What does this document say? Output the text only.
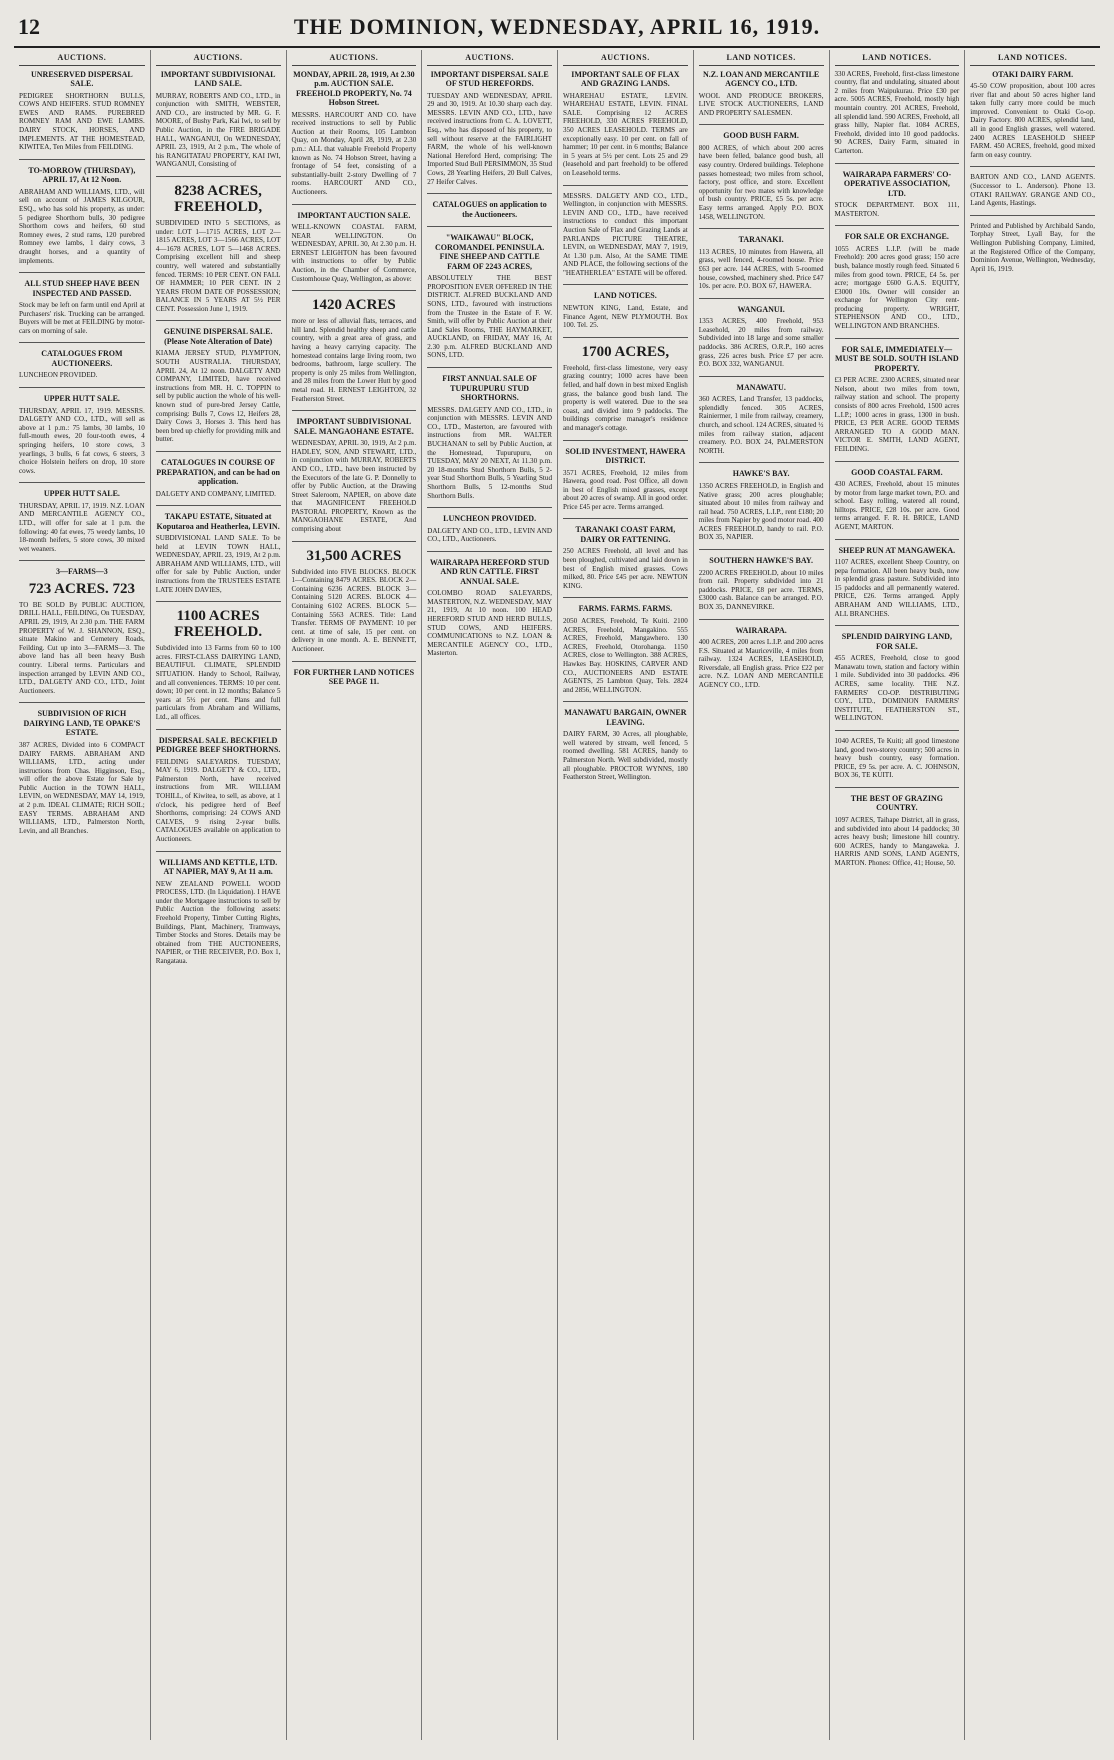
12	THE DOMINION, WEDNESDAY, APRIL 16, 1919.
AUCTIONS.
UNRESERVED DISPERSAL SALE.

PEDIGREE SHORTHORN BULLS, COWS AND HEIFERS. STUD ROMNEY EWES AND RAMS. PUREBRED ROMNEY RAM AND EWE LAMBS. DAIRY STOCK, HORSES, AND IMPLEMENTS. AT THE HOMESTEAD, KIWITEA, Ten Miles from FEILDING.

TO-MORROW (THURSDAY), APRIL 17, At 12 Noon.

ABRAHAM AND WILLIAMS, LTD., will sell on account of JAMES KILGOUR, ESQ., who has sold his property, as under: 5 pedigree Shorthorn bulls, 30 pedigree Shorthorn cows and heifers, 60 stud Romney ewes, 2 stud rams, 120 purebred Romney ewe lambs, 1 dairy cows, 3 draught horses, and a quantity of implements.

ALL STUD SHEEP HAVE BEEN INSPECTED AND PASSED.

Stock may be left on farm until end April at Purchasers' risk. Trucking can be arranged. Buyers will be met at FEILDING by motor-cars on morning of sale.

CATALOGUES FROM AUCTIONEERS.

LUNCHEON PROVIDED.

UPPER HUTT SALE.

THURSDAY, APRIL 17, 1919. MESSRS. DALGETY AND CO., LTD., will sell as above at 1 p.m.: 75 lambs, 30 lambs, 10 full-mouth ewes, 20 four-tooth ewes, 4 springing heifers, 10 store cows, 3 yearlings, 3 bulls, 6 fat cows, 6 steers, 3 choice Holstein heifers on drop, 10 store cows.

UPPER HUTT SALE.

THURSDAY, APRIL 17, 1919. N.Z. LOAN AND MERCANTILE AGENCY CO., LTD., will offer for sale at 1 p.m. the following: 40 fat ewes, 75 weedy lambs, 10 18-month heifers, 5 store cows, 30 mixed wet weaners.

3—FARMS—3
723 ACRES. 723

TO BE SOLD By PUBLIC AUCTION, DRILL HALL, FEILDING, On TUESDAY, APRIL 29, 1919, At 2.30 p.m. THE FARM PROPERTY of W. J. SHANNON, ESQ., situate Makino and Cemetery Roads, Feilding. Cut up into 3—FARMS—3. The above land has all been heavy Bush country. Liberal terms. Particulars and inspection arranged by LEVIN AND CO., LTD., DALGETY AND CO., LTD., Joint Auctioneers.

SUBDIVISION OF RICH DAIRYING LAND, TE OPAKE'S ESTATE.

387 ACRES, Divided into 6 COMPACT DAIRY FARMS. ABRAHAM AND WILLIAMS, LTD., acting under instructions from Chas. Higginson, Esq., will offer the above Estate for Sale by Public Auction in the TOWN HALL, LEVIN, on WEDNESDAY, MAY 14, 1919, at 2 p.m. IDEAL CLIMATE; RICH SOIL; EASY TERMS. ABRAHAM AND WILLIAMS, LTD., Palmerston North, Levin, and all Branches.

AUCTIONS.
IMPORTANT SUBDIVISIONAL LAND SALE.

MURRAY, ROBERTS AND CO., LTD., in conjunction with SMITH, WEBSTER, AND CO., are instructed by MR. G. F. MOORE, of Bushy Park, Kai Iwi, to sell by Public Auction, in the FIRE BRIGADE HALL, WANGANUI, On WEDNESDAY, APRIL 23, 1919, At 2 p.m., The whole of his RANGITATAU PROPERTY, KAI IWI, WANGANUI, Consisting of

8238 ACRES, FREEHOLD,

SUBDIVIDED INTO 5 SECTIONS, as under: LOT 1—1715 ACRES, LOT 2—1815 ACRES, LOT 3—1566 ACRES, LOT 4—1678 ACRES, LOT 5—1468 ACRES. Comprising excellent hill and sheep country, well watered and substantially fenced. TERMS: 10 PER CENT. ON FALL OF HAMMER; 10 PER CENT. IN 2 YEARS FROM DATE OF POSSESSION; BALANCE IN 5 YEARS AT 5½ PER CENT. Possession June 1, 1919.

GENUINE DISPERSAL SALE. (Please Note Alteration of Date)

KIAMA JERSEY STUD, PLYMPTON, SOUTH AUSTRALIA. THURSDAY, APRIL 24, At 12 noon. DALGETY AND COMPANY, LIMITED, have received instructions from MR. H. C. TOPPIN to sell by public auction the whole of his well-known stud of pure-bred Jersey Cattle, comprising: Bulls 7, Cows 12, Heifers 28, Dairy Cows 3, Horses 3. This herd has been bred up chiefly for providing milk and butter.

CATALOGUES IN COURSE OF PREPARATION, and can be had on application.

DALGETY AND COMPANY, LIMITED.

TAKAPU ESTATE, Situated at Koputaroa and Heatherlea, LEVIN.

SUBDIVISIONAL LAND SALE. To be held at LEVIN TOWN HALL, WEDNESDAY, APRIL 23, 1919, At 2 p.m. ABRAHAM AND WILLIAMS, LTD., will offer for sale by Public Auction, under instructions from the TRUSTEES ESTATE LATE JOHN DAVIES,

1100 ACRES FREEHOLD.

Subdivided into 13 Farms from 60 to 100 acres. FIRST-CLASS DAIRYING LAND, BEAUTIFUL CLIMATE, SPLENDID SITUATION. Handy to School, Railway, and all conveniences. TERMS: 10 per cent. down; 10 per cent. in 12 months; Balance 5 years at 5½ per cent. Plans and full particulars from Abraham and Williams, Ltd., all offices.

DISPERSAL SALE. BECKFIELD PEDIGREE BEEF SHORTHORNS.

FEILDING SALEYARDS. TUESDAY, MAY 6, 1919. DALGETY & CO., LTD., Palmerston North, have received instructions from MR. WILLIAM TOHILL, of Kiwitea, to sell, as above, at 1 o'clock, his pedigree herd of Beef Shorthorns, comprising: 24 COWS AND CALVES, 9 rising 2-year bulls. CATALOGUES available on application to Auctioneers.

WILLIAMS AND KETTLE, LTD. AT NAPIER, MAY 9, At 11 a.m.

NEW ZEALAND POWELL WOOD PROCESS, LTD. (In Liquidation). I HAVE under the Mortgagee instructions to sell by Public Auction the following assets: Freehold Property, Timber Cutting Rights, Buildings, Plant, Machinery, Tramways, Timber Stocks and Stores. Details may be obtained from THE AUCTIONEERS, NAPIER, or THE RECEIVER, P.O. Box 1, Rangataua.

AUCTIONS.
MONDAY, APRIL 28, 1919, At 2.30 p.m. AUCTION SALE. FREEHOLD PROPERTY, No. 74 Hobson Street.

MESSRS. HARCOURT AND CO. have received instructions to sell by Public Auction at their Rooms, 105 Lambton Quay, on Monday, April 28, 1919, at 2.30 p.m.: ALL that valuable Freehold Property known as No. 74 Hobson Street, having a frontage of 54 feet, consisting of a substantially-built 2-story Dwelling of 7 rooms. HARCOURT AND CO., Auctioneers.

IMPORTANT AUCTION SALE.

WELL-KNOWN COASTAL FARM, NEAR WELLINGTON. On WEDNESDAY, APRIL 30, At 2.30 p.m. H. ERNEST LEIGHTON has been favoured with instructions to offer by Public Auction, in the Chamber of Commerce, Customhouse Quay, Wellington, as above:

1420 ACRES

more or less of alluvial flats, terraces, and hill land. Splendid healthy sheep and cattle country, with a great area of grass, and having a heavy carrying capacity. The homestead contains large living room, two bedrooms, bathroom, large scullery. The property is only 25 miles from Wellington, and 28 miles from the Lower Hutt by good metal road. H. ERNEST LEIGHTON, 32 Featherston Street.

IMPORTANT SUBDIVISIONAL SALE. MANGAOHANE ESTATE.

WEDNESDAY, APRIL 30, 1919, At 2 p.m. HADLEY, SON, AND STEWART, LTD., in conjunction with MURRAY, ROBERTS AND CO., LTD., have been instructed by the Executors of the late G. P. Donnelly to offer by Public Auction, at the Drawing Street Saleroom, NAPIER, on above date that MAGNIFICENT FREEHOLD PASTORAL PROPERTY, Known as the MANGAOHANE ESTATE, And comprising about

31,500 ACRES

Subdivided into FIVE BLOCKS. BLOCK 1—Containing 8479 ACRES. BLOCK 2—Containing 6236 ACRES. BLOCK 3—Containing 5120 ACRES. BLOCK 4—Containing 6102 ACRES. BLOCK 5—Containing 5563 ACRES. Title: Land Transfer. TERMS OF PAYMENT: 10 per cent. at time of sale, 15 per cent. on delivery in one month. A. E. BENNETT, Auctioneer.

FOR FURTHER LAND NOTICES SEE PAGE 11.
AUCTIONS.
IMPORTANT DISPERSAL SALE OF STUD HEREFORDS.

TUESDAY AND WEDNESDAY, APRIL 29 and 30, 1919. At 10.30 sharp each day. MESSRS. LEVIN AND CO., LTD., have received instructions from C. A. LOVETT, Esq., who has disposed of his property, to sell without reserve at the FAIRLIGHT FARM, the whole of his well-known National Hereford Herd, comprising: The Imported Stud Bull PERSIMMON, 35 Stud Cows, 28 Yearling Heifers, 20 Bull Calves, 27 Heifer Calves.

CATALOGUES on application to the Auctioneers.
"WAIKAWAU" BLOCK, COROMANDEL PENINSULA. FINE SHEEP AND CATTLE FARM OF 2243 ACRES,

ABSOLUTELY THE BEST PROPOSITION EVER OFFERED IN THE DISTRICT. ALFRED BUCKLAND AND SONS, LTD., favoured with instructions from the Trustee in the Estate of F. W. Smith, will offer by Public Auction at their Land Sales Rooms, THE HAYMARKET, AUCKLAND, on FRIDAY, MAY 16, At 2.30 p.m. ALFRED BUCKLAND AND SONS, LTD.

FIRST ANNUAL SALE OF TUPURUPURU STUD SHORTHORNS.

MESSRS. DALGETY AND CO., LTD., in conjunction with MESSRS. LEVIN AND CO., LTD., Masterton, are favoured with instructions from MR. WALTER BUCHANAN to sell by Public Auction, at the Homestead, Tupurupuru, on TUESDAY, MAY 20 NEXT, At 11.30 p.m. 20 18-months Stud Shorthorn Bulls, 5 2-year Stud Shorthorn Bulls, 5 Yearling Stud Shorthorn Bulls, 5 12-months Stud Shorthorn Bulls.

LUNCHEON PROVIDED.

DALGETY AND CO., LTD., LEVIN AND CO., LTD., Auctioneers.

WAIRARAPA HEREFORD STUD AND RUN CATTLE. FIRST ANNUAL SALE.

COLOMBO ROAD SALEYARDS, MASTERTON, N.Z. WEDNESDAY, MAY 21, 1919, At 10 noon. 100 HEAD HEREFORD STUD AND HERD BULLS, STUD COWS, AND HEIFERS. COMMUNICATIONS to N.Z. LOAN & MERCANTILE AGENCY CO., LTD., Masterton.

AUCTIONS.
IMPORTANT SALE OF FLAX AND GRAZING LANDS.

WHAREHAU ESTATE, LEVIN. WHAREHAU ESTATE, LEVIN. FINAL SALE. Comprising 12 ACRES FREEHOLD, 330 ACRES FREEHOLD, 350 ACRES LEASEHOLD. TERMS are exceptionally easy. 10 per cent. on fall of hammer; 10 per cent. in 6 months; Balance in 5 years at 5½ per cent. Lots 25 and 29 (leasehold and part freehold) to be offered on Leasehold terms.

MESSRS. DALGETY AND CO., LTD., Wellington, in conjunction with MESSRS. LEVIN AND CO., LTD., have received instructions to conduct this important Auction Sale of Flax and Grazing Lands at PARLANDS PICTURE THEATRE, LEVIN, on WEDNESDAY, MAY 7, 1919, At 1.30 p.m. Also, At the SAME TIME AND PLACE, the following sections of the "HEATHERLEA" ESTATE will be offered.

LAND NOTICES.

NEWTON KING, Land, Estate, and Finance Agent, NEW PLYMOUTH. Box 100. Tel. 25.

1700 ACRES,

Freehold, first-class limestone, very easy grazing country; 1000 acres have been felled, and half down in best mixed English grass, the balance good bush land. The property is well watered. Due to the sea coast, and divided into 9 paddocks. The buildings comprise manager's residence and manager's cottage.

SOLID INVESTMENT, HAWERA DISTRICT.

3571 ACRES, Freehold, 12 miles from Hawera, good road. Post Office, all down in best of English mixed grasses, except about 20 acres of swamp. All in good order. Price £45 per acre. Terms arranged.

TARANAKI COAST FARM, DAIRY OR FATTENING.

250 ACRES Freehold, all level and has been ploughed, cultivated and laid down in best of English mixed grasses. Cows milked, 80. Price £45 per acre. NEWTON KING.

FARMS. FARMS. FARMS.

2050 ACRES, Freehold, Te Kuiti. 2100 ACRES, Freehold, Mangakino. 555 ACRES, Freehold, Mangawhero. 130 ACRES, Freehold, Otorohanga. 1150 ACRES, close to Wellington. 388 ACRES, Hawkes Bay. HOSKINS, CARVER AND CO., AUCTIONEERS AND ESTATE AGENTS, 25 Lambton Quay, Tels. 2824 and 2856, WELLINGTON.

MANAWATU BARGAIN, OWNER LEAVING.

DAIRY FARM, 30 Acres, all ploughable, well watered by stream, well fenced, 5 roomed dwelling. 581 ACRES, handy to Palmerston North. Well subdivided, mostly all ploughable. PROCTOR WYNNS, 180 Featherston Street, Wellington.

LAND NOTICES.
N.Z. LOAN AND MERCANTILE AGENCY CO., LTD.

WOOL AND PRODUCE BROKERS, LIVE STOCK AUCTIONEERS, LAND AND PROPERTY SALESMEN.

GOOD BUSH FARM.

800 ACRES, of which about 200 acres have been felled, balance good bush, all easy country. Ordered buildings. Telephone passes homestead; two miles from school, factory, post office, and store. Excellent opportunity for two mates with knowledge of bush country. PRICE, £5 5s. per acre. Easy terms arranged. Apply P.O. BOX 1458, WELLINGTON.

TARANAKI.

113 ACRES, 10 minutes from Hawera, all grass, well fenced, 4-roomed house. Price £63 per acre. 144 ACRES, with 5-roomed house, cowshed, machinery shed. Price £47 10s. per acre. P.O. BOX 67, HAWERA.

WANGANUI.

1353 ACRES, 400 Freehold, 953 Leasehold, 20 miles from railway. Subdivided into 18 large and some smaller paddocks. 386 ACRES, O.R.P., 160 acres grass, 226 acres bush. Price £7 per acre. P.O. BOX 332, WANGANUI.

MANAWATU.

360 ACRES, Land Transfer, 13 paddocks, splendidly fenced. 305 ACRES, Rainiermer, 1 mile from railway, creamery, church, and school. 124 ACRES, situated ½ miles from railway station, adjacent creamery. P.O. BOX 24, PALMERSTON NORTH.

HAWKE'S BAY.

1350 ACRES FREEHOLD, in English and Native grass; 200 acres ploughable; situated about 10 miles from railway and rail head. 750 ACRES, L.I.P., rent £180; 20 miles from Napier by good motor road. 400 ACRES FREEHOLD, handy to rail. P.O. BOX 35, NAPIER.

SOUTHERN HAWKE'S BAY.

2200 ACRES FREEHOLD, about 10 miles from rail. Property subdivided into 21 paddocks. PRICE, £8 per acre. TERMS, £3000 cash. Balance can be arranged. P.O. BOX 35, DANNEVIRKE.

WAIRARAPA.

400 ACRES, 200 acres L.I.P. and 200 acres F.S. Situated at Mauriceville, 4 miles from railway. 1324 ACRES, LEASEHOLD, Riversdale, all English grass. Price £22 per acre. N.Z. LOAN AND MERCANTILE AGENCY CO., LTD.

LAND NOTICES.

330 ACRES, Freehold, first-class limestone country, flat and undulating, situated about 2 miles from Waipukurau. Price £30 per acre. 5005 ACRES, Freehold, mostly high mountain country. 201 ACRES, Freehold, all splendid land. 590 ACRES, Freehold, all grass hilly, Napier flat. 1084 ACRES, Freehold, divided into 10 good paddocks. 90 ACRES, Dairy Farm, situated in Carterton.

WAIRARAPA FARMERS' CO-OPERATIVE ASSOCIATION, LTD.

STOCK DEPARTMENT. BOX 111, MASTERTON.

FOR SALE OR EXCHANGE.

1055 ACRES L.I.P. (will be made Freehold): 200 acres good grass; 150 acre bush, balance mostly rough feed. Situated 6 miles from good town. PRICE, £4 5s. per acre; mortgage £600 G.A.S. EQUITY, £3000 10s. Owner will consider an exchange for Wellington City rent-producing property. WRIGHT, STEPHENSON AND CO., LTD., WELLINGTON AND BRANCHES.

FOR SALE, IMMEDIATELY—MUST BE SOLD. SOUTH ISLAND PROPERTY.

£3 PER ACRE. 2300 ACRES, situated near Nelson, about two miles from town, railway station and school. The property consists of 800 acres Freehold, 1500 acres L.I.P.; 1000 acres in grass, 1300 in bush. PRICE, £3 PER ACRE. GOOD TERMS ARRANGED TO A GOOD MAN. VICTOR E. SMITH, LAND AGENT, FEILDING.

GOOD COASTAL FARM.

430 ACRES, Freehold, about 15 minutes by motor from large market town, P.O. and school. Easy rolling, watered all round, hilltops. PRICE, £28 10s. per acre. Good terms arranged. F. R. H. BRICE, LAND AGENT, MARTON.

SHEEP RUN AT MANGAWEKA.

1107 ACRES, excellent Sheep Country, on pepa formation. All been heavy bush, now in splendid grass pasture. Subdivided into 15 paddocks and all permanently watered. PRICE, £26. Terms arranged. Apply ABRAHAM AND WILLIAMS, LTD., ALL BRANCHES.

SPLENDID DAIRYING LAND, FOR SALE.

455 ACRES, Freehold, close to good Manawatu town, station and factory within 1 mile. Subdivided into 30 paddocks. 496 ACRES, same locality. THE N.Z. FARMERS' CO-OP. DISTRIBUTING COY., LTD., DOMINION FARMERS' INSTITUTE, FEATHERSTON ST., WELLINGTON.

1040 ACRES, Te Kuiti; all good limestone land, good two-storey country; 500 acres in heavy bush country, easy formation. PRICE, £9 5s. per acre. A. C. JOHNSON, BOX 36, TE KUITI.

THE BEST OF GRAZING COUNTRY.

1097 ACRES, Taihape District, all in grass, and subdivided into about 14 paddocks; 30 acres heavy bush; limestone hill country. 600 ACRES, handy to Mangaweka. J. HARRIS AND SONS, LAND AGENTS, MARTON. Phones: Office, 41; House, 50.

LAND NOTICES.
OTAKI DAIRY FARM.

45-50 COW proposition, about 100 acres river flat and about 50 acres higher land taken fully carry more could be much improved. Convenient to Otaki Co-op. Dairy Factory. 800 ACRES, splendid land, all in good English grasses, well watered. 2400 ACRES LEASEHOLD SHEEP FARM. 450 ACRES, freehold, good mixed farm on easy country.

BARTON AND CO., LAND AGENTS. (Successor to L. Anderson). Phone 13. OTAKI RAILWAY. GRANGE AND CO., Land Agents, Hastings.

Printed and Published by Archibald Sando, Torphay Street, Lyall Bay, for the Wellington Publishing Company, Limited, at the Registered Office of the Company, Dominion Avenue, Wellington, Wednesday, April 16, 1919.
